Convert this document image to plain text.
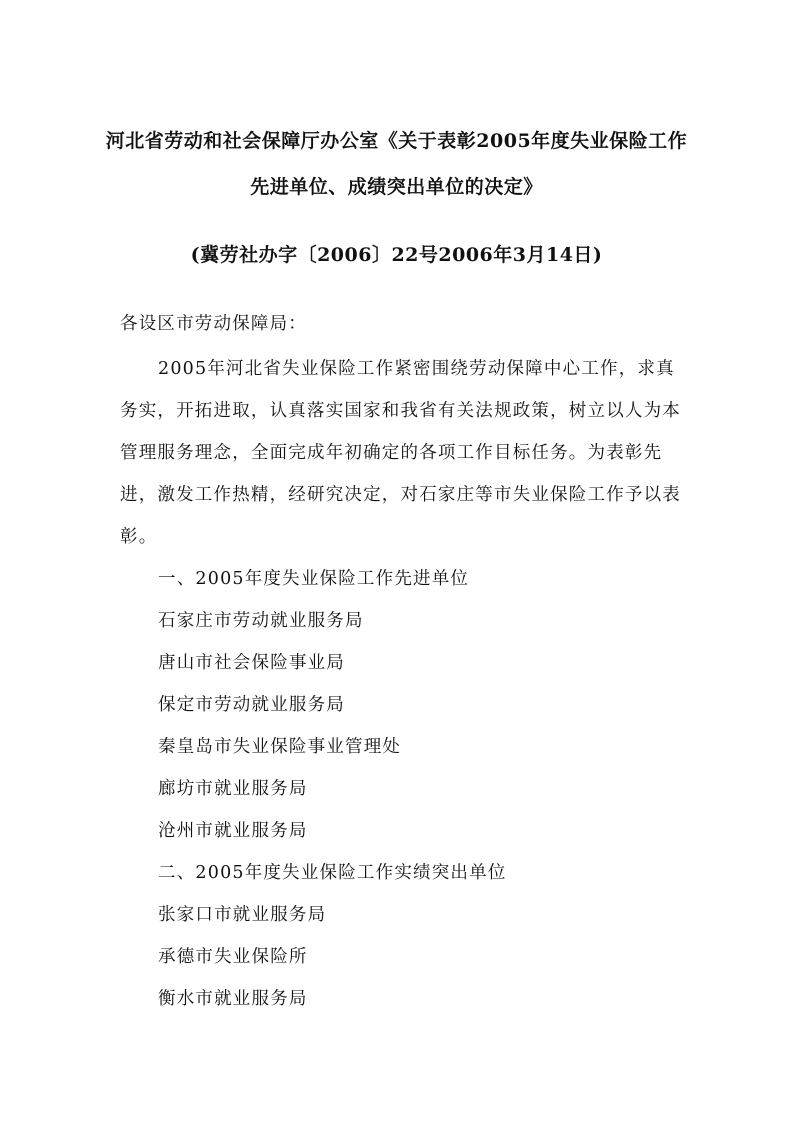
河北省劳动和社会保障厅办公室《关于表彰2005年度失业保险工作
先进单位、成绩突出单位的决定》
(冀劳社办字〔2006〕22号2006年3月14日)
各设区市劳动保障局：
2005年河北省失业保险工作紧密围绕劳动保障中心工作，求真
务实，开拓进取，认真落实国家和我省有关法规政策，树立以人为本
管理服务理念，全面完成年初确定的各项工作目标任务。为表彰先
进，激发工作热精，经研究决定，对石家庄等市失业保险工作予以表
彰。
一、2005年度失业保险工作先进单位
石家庄市劳动就业服务局
唐山市社会保险事业局
保定市劳动就业服务局
秦皇岛市失业保险事业管理处
廊坊市就业服务局
沧州市就业服务局
二、2005年度失业保险工作实绩突出单位
张家口市就业服务局
承德市失业保险所
衡水市就业服务局
